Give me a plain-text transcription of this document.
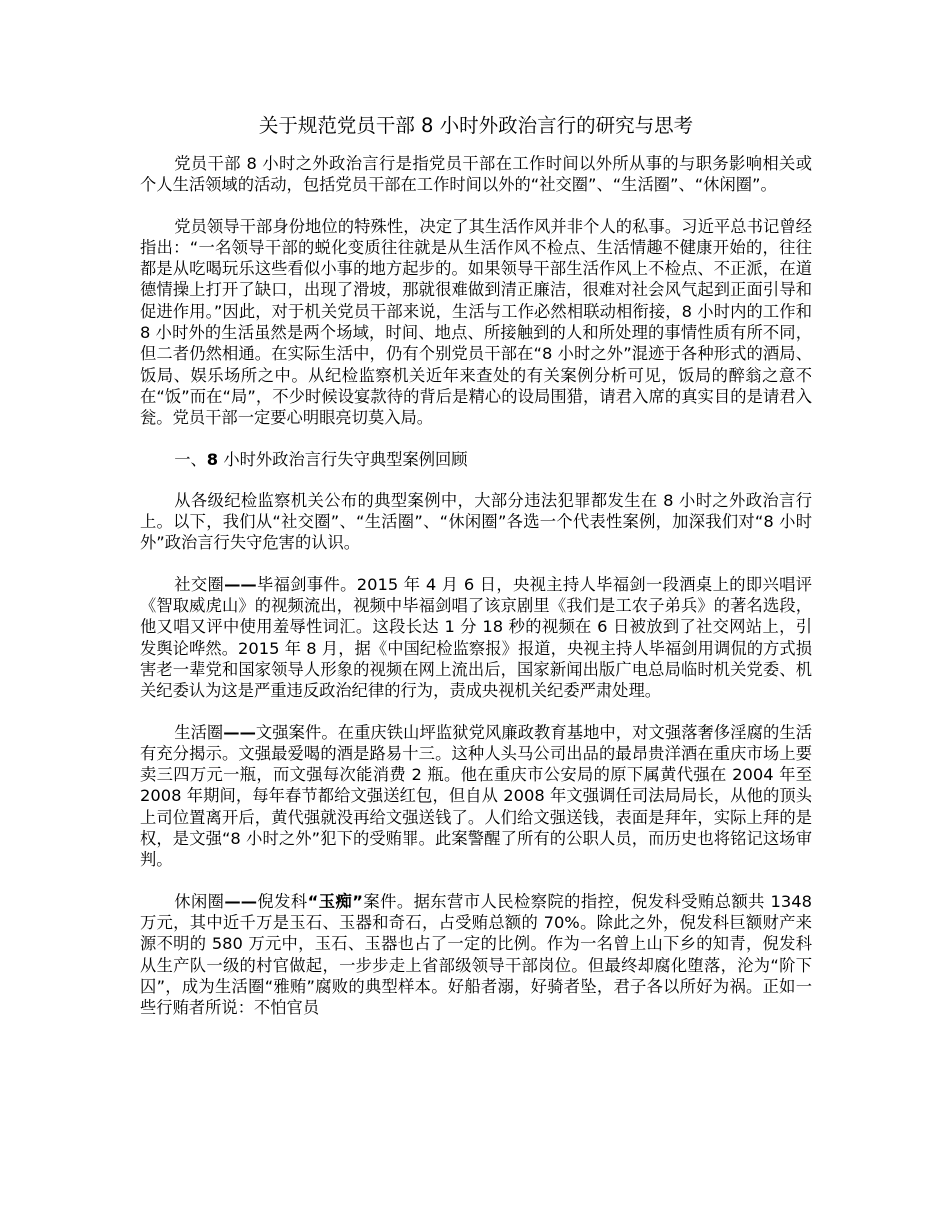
关于规范党员干部 8 小时外政治言行的研究与思考

党员干部 8 小时之外政治言行是指党员干部在工作时间以外所从事的与职务影响相关或个人生活领域的活动，包括党员干部在工作时间以外的“社交圈”、“生活圈”、“休闲圈”。

党员领导干部身份地位的特殊性，决定了其生活作风并非个人的私事。习近平总书记曾经指出：“一名领导干部的蜕化变质往往就是从生活作风不检点、生活情趣不健康开始的，往往都是从吃喝玩乐这些看似小事的地方起步的。如果领导干部生活作风上不检点、不正派，在道德情操上打开了缺口，出现了滑坡，那就很难做到清正廉洁，很难对社会风气起到正面引导和促进作用。”因此，对于机关党员干部来说，生活与工作必然相联动相衔接，8 小时内的工作和 8 小时外的生活虽然是两个场域，时间、地点、所接触到的人和所处理的事情性质有所不同，但二者仍然相通。在实际生活中，仍有个别党员干部在“8 小时之外”混迹于各种形式的酒局、饭局、娱乐场所之中。从纪检监察机关近年来查处的有关案例分析可见，饭局的醉翁之意不在“饭”而在“局”，不少时候设宴款待的背后是精心的设局围猎，请君入席的真实目的是请君入瓮。党员干部一定要心明眼亮切莫入局。

一、8 小时外政治言行失守典型案例回顾

从各级纪检监察机关公布的典型案例中，大部分违法犯罪都发生在 8 小时之外政治言行上。以下，我们从“社交圈”、“生活圈”、“休闲圈”各选一个代表性案例，加深我们对“8 小时外”政治言行失守危害的认识。

社交圈——毕福剑事件。2015 年 4 月 6 日，央视主持人毕福剑一段酒桌上的即兴唱评《智取威虎山》的视频流出，视频中毕福剑唱了该京剧里《我们是工农子弟兵》的著名选段，他又唱又评中使用羞辱性词汇。这段长达 1 分 18 秒的视频在 6 日被放到了社交网站上，引发舆论哗然。2015 年 8 月，据《中国纪检监察报》报道，央视主持人毕福剑用调侃的方式损害老一辈党和国家领导人形象的视频在网上流出后，国家新闻出版广电总局临时机关党委、机关纪委认为这是严重违反政治纪律的行为，责成央视机关纪委严肃处理。

生活圈——文强案件。在重庆铁山坪监狱党风廉政教育基地中，对文强落奢侈淫腐的生活有充分揭示。文强最爱喝的酒是路易十三。这种人头马公司出品的最昂贵洋酒在重庆市场上要卖三四万元一瓶，而文强每次能消费 2 瓶。他在重庆市公安局的原下属黄代强在 2004 年至 2008 年期间，每年春节都给文强送红包，但自从 2008 年文强调任司法局局长，从他的顶头上司位置离开后，黄代强就没再给文强送钱了。人们给文强送钱，表面是拜年，实际上拜的是权，是文强“8 小时之外”犯下的受贿罪。此案警醒了所有的公职人员，而历史也将铭记这场审判。

休闲圈——倪发科“玉痴”案件。据东营市人民检察院的指控，倪发科受贿总额共 1348 万元，其中近千万是玉石、玉器和奇石，占受贿总额的 70%。除此之外，倪发科巨额财产来源不明的 580 万元中，玉石、玉器也占了一定的比例。作为一名曾上山下乡的知青，倪发科从生产队一级的村官做起，一步步走上省部级领导干部岗位。但最终却腐化堕落，沦为“阶下囚”，成为生活圈“雅贿”腐败的典型样本。好船者溺，好骑者坠，君子各以所好为祸。正如一些行贿者所说：不怕官员
